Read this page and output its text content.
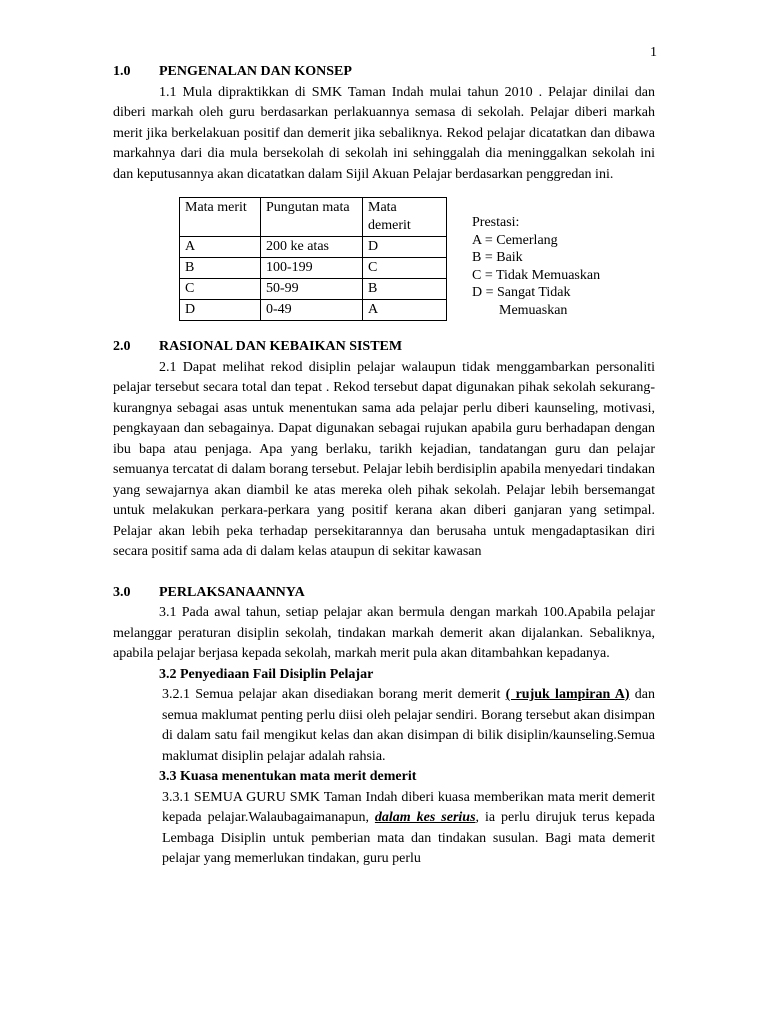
1
1.0	PENGENALAN DAN KONSEP

1.1 Mula dipraktikkan di SMK Taman Indah mulai tahun 2010 . Pelajar dinilai dan diberi markah oleh guru berdasarkan perlakuannya semasa di sekolah. Pelajar diberi markah merit jika berkelakuan positif dan demerit jika sebaliknya. Rekod pelajar dicatatkan dan dibawa markahnya dari dia mula bersekolah di sekolah ini sehinggalah dia meninggalkan sekolah ini dan keputusannya akan dicatatkan dalam Sijil Akuan Pelajar berdasarkan penggredan ini.

Mata merit	Pungutan mata	Mata demerit
A	200 ke atas	D
B	100-199	C
C	50-99	B
D	0-49	A
Prestasi:
A = Cemerlang
B = Baik
C = Tidak Memuaskan
D = Sangat Tidak
Memuaskan
2.0	RASIONAL DAN KEBAIKAN SISTEM

2.1 Dapat melihat rekod disiplin pelajar walaupun tidak menggambarkan personaliti pelajar tersebut secara total dan tepat . Rekod tersebut dapat digunakan pihak sekolah sekurang-kurangnya sebagai asas untuk menentukan sama ada pelajar perlu diberi kaunseling, motivasi, pengkayaan dan sebagainya. Dapat digunakan sebagai rujukan apabila guru berhadapan dengan ibu bapa atau penjaga. Apa yang berlaku, tarikh kejadian, tandatangan guru dan pelajar semuanya tercatat di dalam borang tersebut. Pelajar lebih berdisiplin apabila menyedari tindakan yang sewajarnya akan diambil ke atas mereka oleh pihak sekolah. Pelajar lebih bersemangat untuk melakukan perkara-perkara yang positif kerana akan diberi ganjaran yang setimpal. Pelajar akan lebih peka terhadap persekitarannya dan berusaha untuk mengadaptasikan diri secara positif sama ada di dalam kelas ataupun di sekitar kawasan

3.0	PERLAKSANAANNYA

3.1 Pada awal tahun, setiap pelajar akan bermula dengan markah 100.Apabila pelajar melanggar peraturan disiplin sekolah, tindakan markah demerit akan dijalankan. Sebaliknya, apabila pelajar berjasa kepada sekolah, markah merit pula akan ditambahkan kepadanya.

3.2 Penyediaan Fail Disiplin Pelajar

3.2.1 Semua pelajar akan disediakan borang merit demerit ( rujuk lampiran A) dan semua maklumat penting perlu diisi oleh pelajar sendiri. Borang tersebut akan disimpan di dalam satu fail mengikut kelas dan akan disimpan di bilik disiplin/kaunseling.Semua maklumat disiplin pelajar adalah rahsia.

3.3 Kuasa menentukan mata merit demerit

3.3.1 SEMUA GURU SMK Taman Indah diberi kuasa memberikan mata merit demerit kepada pelajar.Walaubagaimanapun, dalam kes serius, ia perlu dirujuk terus kepada Lembaga Disiplin untuk pemberian mata dan tindakan susulan. Bagi mata demerit pelajar yang memerlukan tindakan, guru perlu
